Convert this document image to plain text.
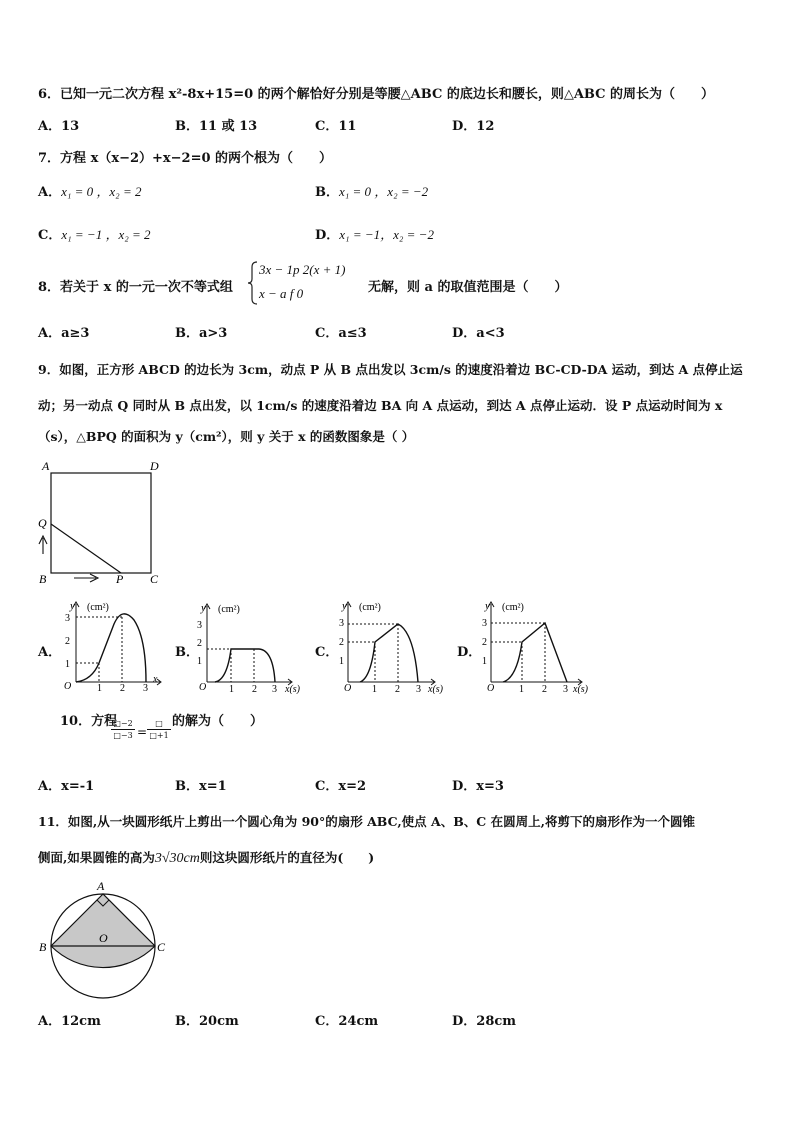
6．已知一元二次方程 x²-8x+15=0 的两个解恰好分别是等腰△ABC 的底边长和腰长，则△ABC 的周长为（　　）
A．13	B．11 或 13	C．11	D．12
7．方程 x（x−2）+x−2=0 的两个根为（　　）
A．x₁ = 0 ，x₂ = 2	B．x₁ = 0 ，x₂ = −2
C．x₁ = −1 ，x₂ = 2	D．x₁ = −1，x₂ = −2
8．若关于 x 的一元一次不等式组
3x − 1p 2(x + 1)
x − a f 0	无解，则 a 的取值范围是（　　）
A．a≥3	B．a>3	C．a≤3	D．a<3
9．如图，正方形 ABCD 的边长为 3cm，动点 P 从 B 点出发以 3cm/s 的速度沿着边 BC-CD-DA 运动，到达 A 点停止运
动；另一动点 Q 同时从 B 点出发，以 1cm/s 的速度沿着边 BA 向 A 点运动，到达 A 点停止运动．设 P 点运动时间为 x
（s），△BPQ 的面积为 y（cm²），则 y 关于 x 的函数图象是（ ）
A	D
Q
B	P C
A．
y (cm²)
O
1
2
3
1 2 3
x
B．
y (cm²)
O
1
2
3
1 2 3 x(s)
C．
y (cm²)
O
1
2
3
1 2 3 x(s)
D．
y (cm²)
O
1
2
3
1 2 3 x(s)
10．方程
□−2
□−3 =
□
□+1
的解为（　　）
A．x=-1	B．x=1	C．x=2	D．x=3
11．如图,从一块圆形纸片上剪出一个圆心角为 90°的扇形 ABC,使点 A、B、C 在圆周上,将剪下的扇形作为一个圆锥
侧面,如果圆锥的高为3√30cm则这块圆形纸片的直径为(　　)
A
O
B	C
A．12cm	B．20cm	C．24cm	D．28cm
